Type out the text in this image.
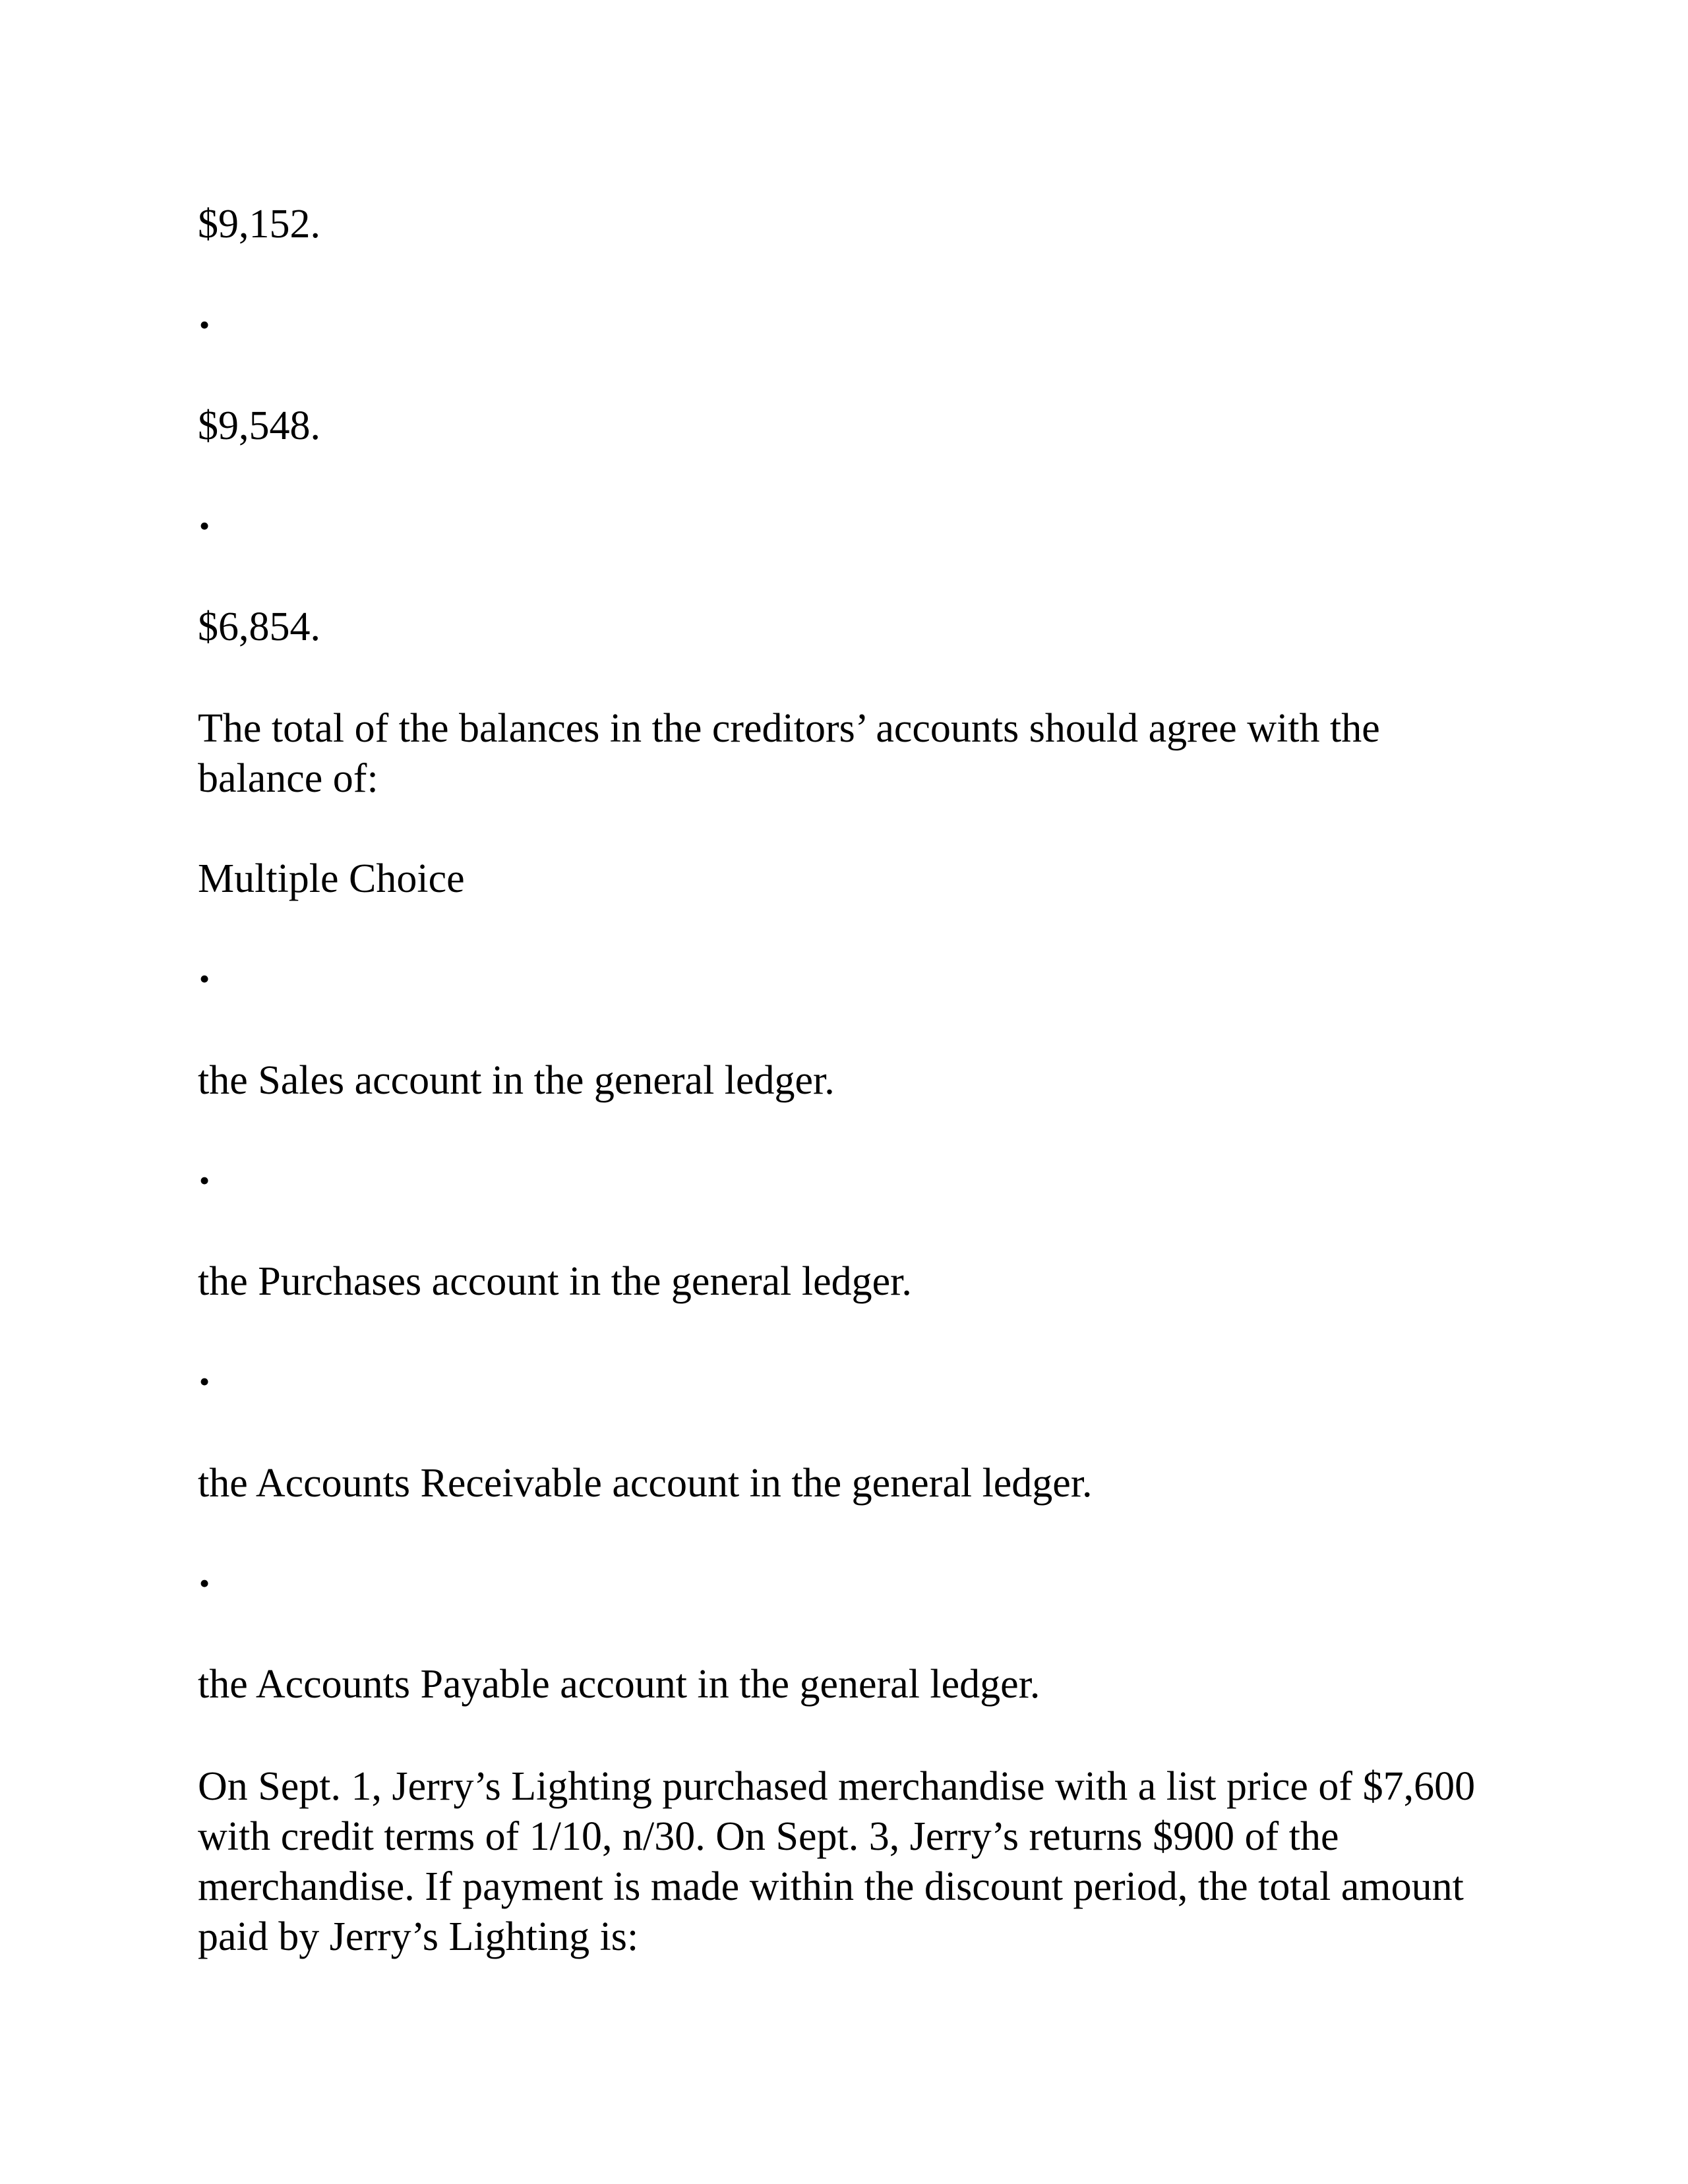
$9,152.

•

$9,548.

•

$6,854.

The total of the balances in the creditors’ accounts should agree with the balance of:

Multiple Choice

•

the Sales account in the general ledger.

•

the Purchases account in the general ledger.

•

the Accounts Receivable account in the general ledger.

•

the Accounts Payable account in the general ledger.

On Sept. 1, Jerry’s Lighting purchased merchandise with a list price of $7,600 with credit terms of 1/10, n/30. On Sept. 3, Jerry’s returns $900 of the merchandise. If payment is made within the discount period, the total amount paid by Jerry’s Lighting is:
